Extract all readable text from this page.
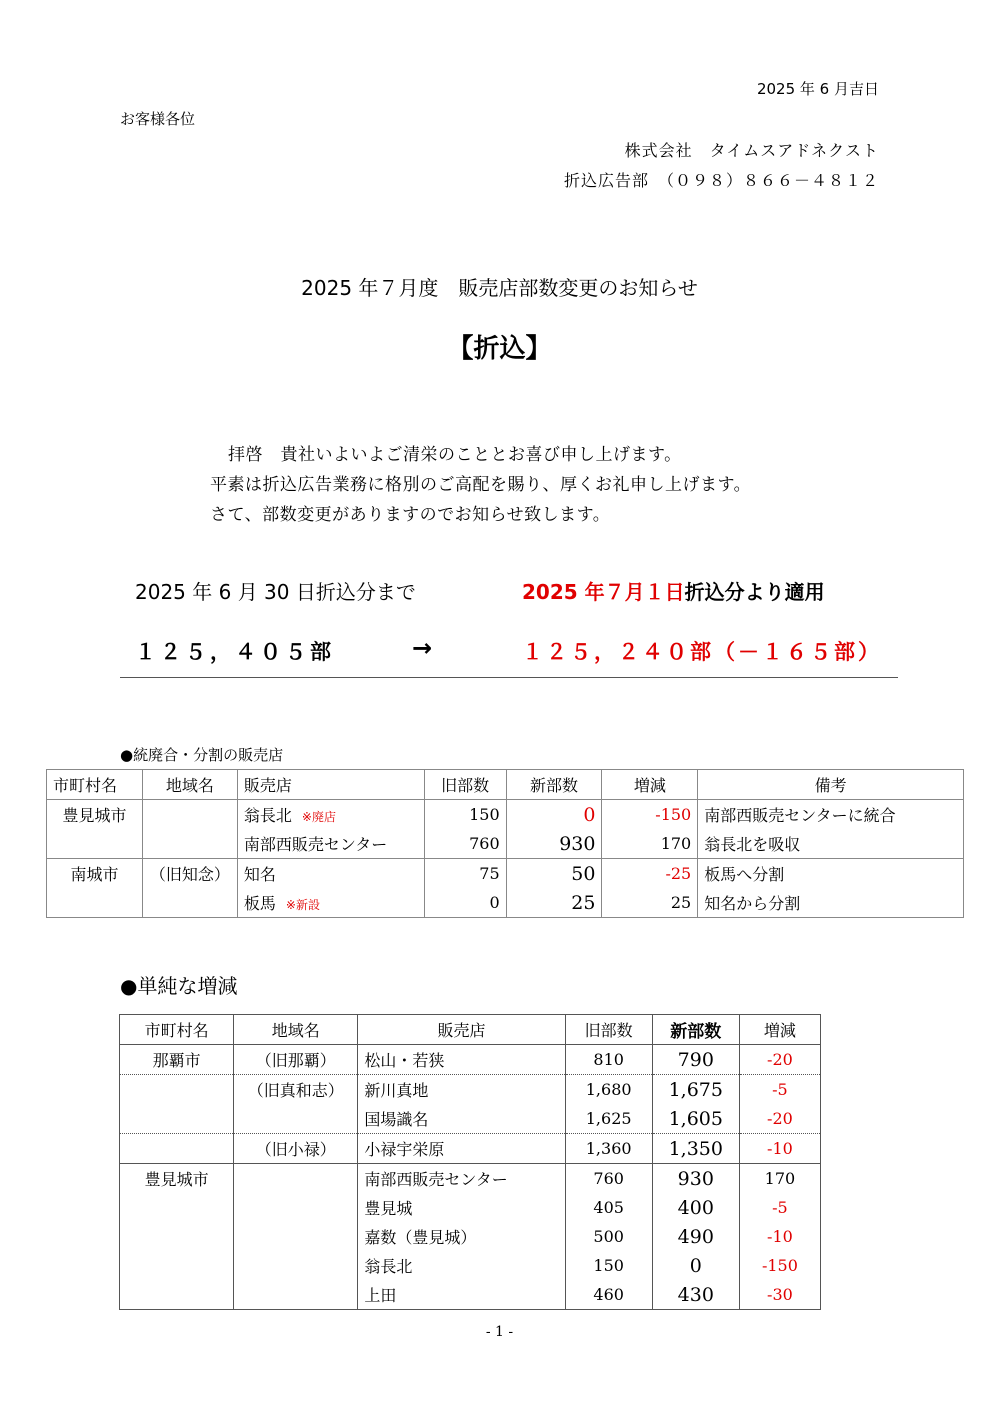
2025 年 6 月吉日
お客様各位
株式会社　タイムスアドネクスト
折込広告部　（０９８）８６６－４８１２
2025 年７月度　販売店部数変更のお知らせ
【折込】
拝啓　貴社いよいよご清栄のこととお喜び申し上げます。
平素は折込広告業務に格別のご高配を賜り、厚くお礼申し上げます。
さて、部数変更がありますのでお知らせ致します。
2025 年 6 月 30 日折込分まで	2025 年７月１日折込分より適用
１２５，４０５部	→	１２５，２４０部（－１６５部）
●統廃合・分割の販売店
市町村名	地域名	販売店	旧部数	新部数	増減	備考
豊見城市		翁長北 ※廃店	150	0	-150	南部西販売センターに統合
		南部西販売センター	760	930	170	翁長北を吸収
南城市	（旧知念）	知名	75	50	-25	板馬へ分割
		板馬 ※新設	0	25	25	知名から分割
●単純な増減
市町村名	地域名	販売店	旧部数	新部数	増減
那覇市	（旧那覇）	松山・若狭	810	790	-20
	（旧真和志）	新川真地	1,680	1,675	-5
		国場識名	1,625	1,605	-20
	（旧小禄）	小禄宇栄原	1,360	1,350	-10
豊見城市		南部西販売センター	760	930	170
		豊見城	405	400	-5
		嘉数（豊見城）	500	490	-10
		翁長北	150	0	-150
		上田	460	430	-30
- 1 -
